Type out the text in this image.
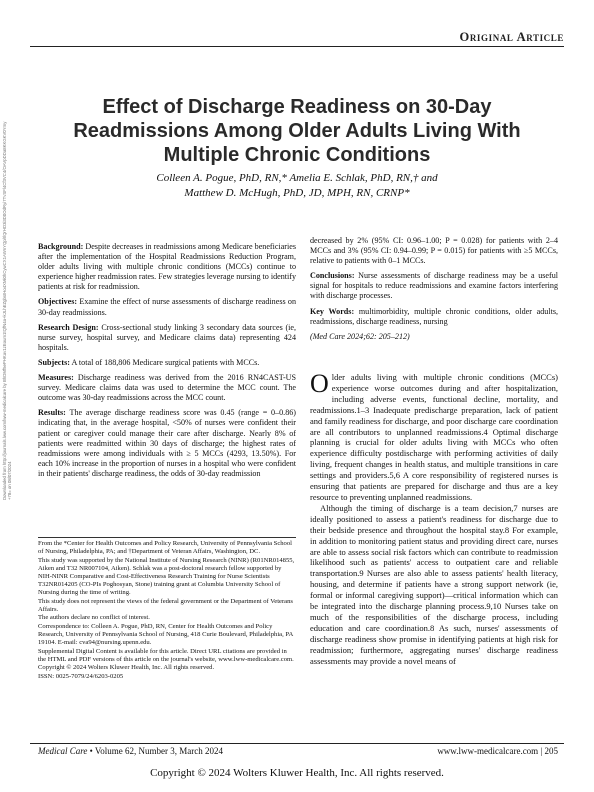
Downloaded from http://journals.lww.com/lww-medicalcare by BhDMf5ePHKav1zEoum1tQfN4a+kJLhEZgbsIHo4XMi0hCywCX1AWnYQp/IlQrHD3i3D0OdRyi7TvSFl4Cf3VC4/OAVpDDa8KKGKV0Ymy+78= on 08/07/2024
Original Article
Effect of Discharge Readiness on 30-Day Readmissions Among Older Adults Living With Multiple Chronic Conditions
Colleen A. Pogue, PhD, RN,* Amelia E. Schlak, PhD, RN,† and
Matthew D. McHugh, PhD, JD, MPH, RN, CRNP*

Background: Despite decreases in readmissions among Medicare beneficiaries after the implementation of the Hospital Readmissions Reduction Program, older adults living with multiple chronic conditions (MCCs) continue to experience higher readmission rates. Few strategies leverage nursing to identify patients at risk for readmission.

Objectives: Examine the effect of nurse assessments of discharge readiness on 30-day readmissions.

Research Design: Cross-sectional study linking 3 secondary data sources (ie, nurse survey, hospital survey, and Medicare claims data) representing 424 hospitals.

Subjects: A total of 188,806 Medicare surgical patients with MCCs.

Measures: Discharge readiness was derived from the 2016 RN4CAST-US survey. Medicare claims data was used to determine the MCC count. The outcome was 30-day readmissions across the MCC count.

Results: The average discharge readiness score was 0.45 (range = 0–0.86) indicating that, in the average hospital, <50% of nurses were confident their patient or caregiver could manage their care after discharge. Nearly 8% of patients were readmitted within 30 days of discharge; the highest rates of readmissions were among individuals with ≥ 5 MCCs (4293, 13.50%). For each 10% increase in the proportion of nurses in a hospital who were confident in their patients' discharge readiness, the odds of 30-day readmission

decreased by 2% (95% CI: 0.96–1.00; P = 0.028) for patients with 2–4 MCCs and 3% (95% CI: 0.94–0.99; P = 0.015) for patients with ≥5 MCCs, relative to patients with 0–1 MCCs.

Conclusions: Nurse assessments of discharge readiness may be a useful signal for hospitals to reduce readmissions and examine factors interfering with discharge processes.

Key Words: multimorbidity, multiple chronic conditions, older adults, readmissions, discharge readiness, nursing

(Med Care 2024;62: 205–212)

Older adults living with multiple chronic conditions (MCCs) experience worse outcomes during and after hospitalization, including adverse events, functional decline, mortality, and readmissions.1–3 Inadequate predischarge preparation, lack of patient and family readiness for discharge, and poor discharge care coordination are all contributors to unplanned readmissions.4 Optimal discharge planning is crucial for older adults living with MCCs who often experience difficulty postdischarge with performing activities of daily living, frequent changes in health status, and multiple transitions in care settings and providers.5,6 A core responsibility of registered nurses is ensuring that patients are prepared for discharge and thus are a key resource to preventing unplanned readmissions.

Although the timing of discharge is a team decision,7 nurses are ideally positioned to assess a patient's readiness for discharge due to their bedside presence and throughout the hospital stay.8 For example, in addition to monitoring patient status and providing direct care, nurses are able to assess social risk factors which can contribute to readmission likelihood such as patients' access to outpatient care and reliable transportation.9 Nurses are also able to assess patients' health literacy, housing, and determine if patients have a strong support network (ie, formal or informal caregiving support)—critical information which can be integrated into the discharge planning process.9,10 Nurses take on much of the responsibilities of the discharge process, including education and care coordination.8 As such, nurses' assessments of discharge readiness show promise in identifying patients at high risk for readmission; furthermore, aggregating nurses' discharge readiness assessments may provide a novel means of

From the *Center for Health Outcomes and Policy Research, University of Pennsylvania School of Nursing, Philadelphia, PA; and †Department of Veteran Affairs, Washington, DC.

This study was supported by the National Institute of Nursing Research (NINR) (R01NR014855, Aiken and T32 NR007104, Aiken). Schlak was a post-doctoral research fellow supported by NIH-NINR Comparative and Cost-Effectiveness Research Training for Nurse Scientists T32NR014205 (CO-PIs Poghosyan, Stone) training grant at Columbia University School of Nursing during the time of writing.

This study does not represent the views of the federal government or the Department of Veterans Affairs.

The authors declare no conflict of interest.

Correspondence to: Colleen A. Pogue, PhD, RN, Center for Health Outcomes and Policy Research, University of Pennsylvania School of Nursing, 418 Curie Boulevard, Philadelphia, PA 19104. E-mail: cva94@nursing.upenn.edu.

Supplemental Digital Content is available for this article. Direct URL citations are provided in the HTML and PDF versions of this article on the journal's website, www.lww-medicalcare.com.

Copyright © 2024 Wolters Kluwer Health, Inc. All rights reserved.

ISSN: 0025-7079/24/6203-0205

Medical Care • Volume 62, Number 3, March 2024	www.lww-medicalcare.com | 205
Copyright © 2024 Wolters Kluwer Health, Inc. All rights reserved.
